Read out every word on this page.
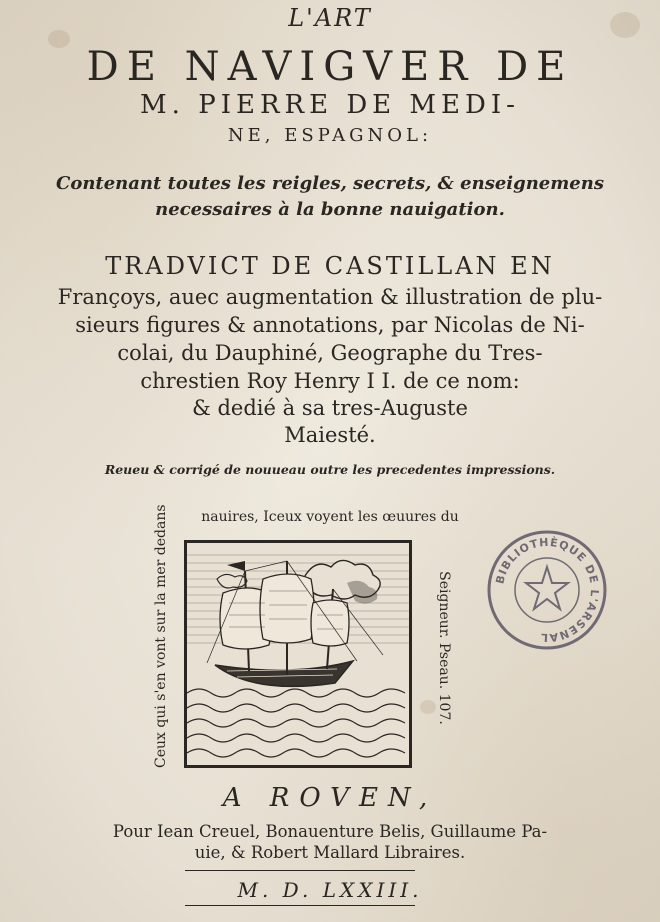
L'ART
DE NAVIGVER DE
M. PIERRE DE MEDI-
NE, ESPAGNOL:
Contenant toutes les reigles, secrets, & enseignemens
necessaires à la bonne nauigation.
TRADVICT DE CASTILLAN EN
Françoys, auec augmentation & illustration de plu-
sieurs figures & annotations, par Nicolas de Ni-
colai, du Dauphiné, Geographe du Tres-
chrestien Roy Henry I I. de ce nom:
& dedié à sa tres-Auguste
Maiesté.
Reueu & corrigé de nouueau outre les precedentes impressions.
nauires, Iceux voyent les œuures du
Ceux qui s'en vont sur la mer dedans	Seigneur. Pseau. 107.	BIBLIOTHÈQUE DE L'ARSENAL
A ROVEN,
Pour Iean Creuel, Bonauenture Belis, Guillaume Pa-
uie, & Robert Mallard Libraires.
M. D. LXXIII.
